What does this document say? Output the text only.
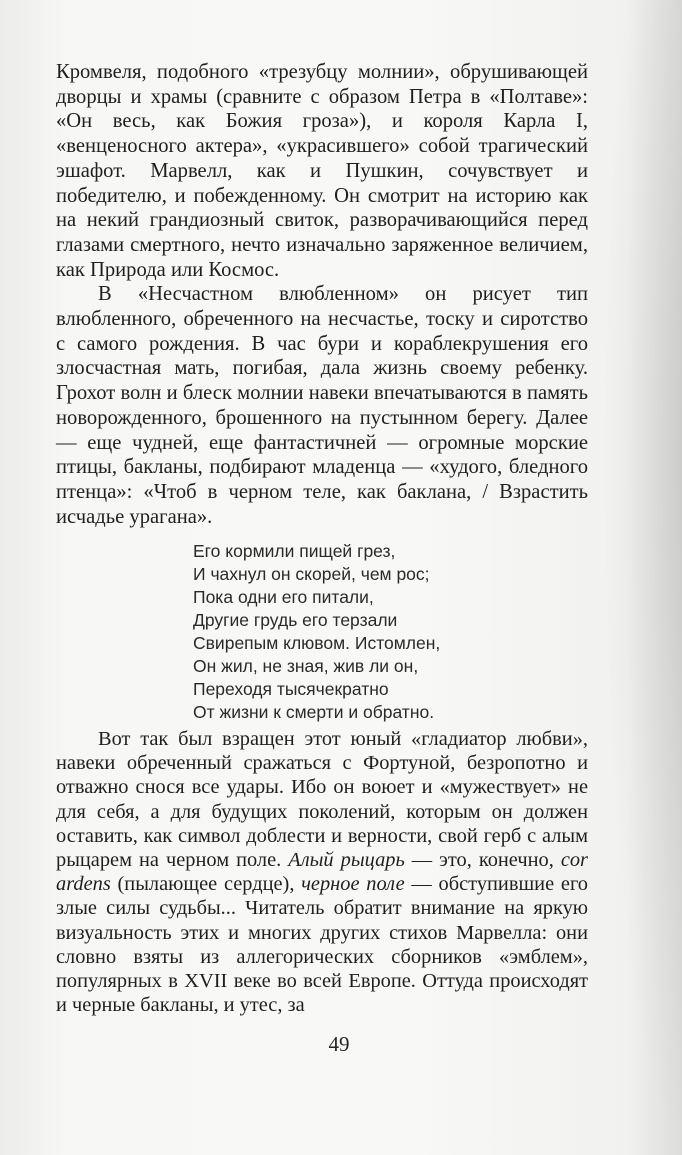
Кромвеля, подобного «трезубцу молнии», обрушивающей дворцы и храмы (сравните с образом Петра в «Полтаве»: «Он весь, как Божия гроза»), и короля Карла I, «венценосного актера», «украсившего» собой трагический эшафот. Марвелл, как и Пушкин, сочувствует и победителю, и побежденному. Он смотрит на историю как на некий грандиозный свиток, разворачивающийся перед глазами смертного, нечто изначально заряженное величием, как Природа или Космос.

В «Несчастном влюбленном» он рисует тип влюбленного, обреченного на несчастье, тоску и сиротство с самого рождения. В час бури и кораблекрушения его злосчастная мать, погибая, дала жизнь своему ребенку. Грохот волн и блеск молнии навеки впечатываются в память новорожденного, брошенного на пустынном берегу. Далее — еще чудней, еще фантастичней — огромные морские птицы, бакланы, подбирают младенца — «худого, бледного птенца»: «Чтоб в черном теле, как баклана, / Взрастить исчадье урагана».

Его кормили пищей грез,
И чахнул он скорей, чем рос;
Пока одни его питали,
Другие грудь его терзали
Свирепым клювом. Истомлен,
Он жил, не зная, жив ли он,
Переходя тысячекратно
От жизни к смерти и обратно.

Вот так был взращен этот юный «гладиатор любви», навеки обреченный сражаться с Фортуной, безропотно и отважно снося все удары. Ибо он воюет и «мужествует» не для себя, а для будущих поколений, которым он должен оставить, как символ доблести и верности, свой герб с алым рыцарем на черном поле. Алый рыцарь — это, конечно, cor ardens (пылающее сердце), черное поле — обступившие его злые силы судьбы... Читатель обратит внимание на яркую визуальность этих и многих других стихов Марвелла: они словно взяты из аллегорических сборников «эмблем», популярных в XVII веке во всей Европе. Оттуда происходят и черные бакланы, и утес, за

49
